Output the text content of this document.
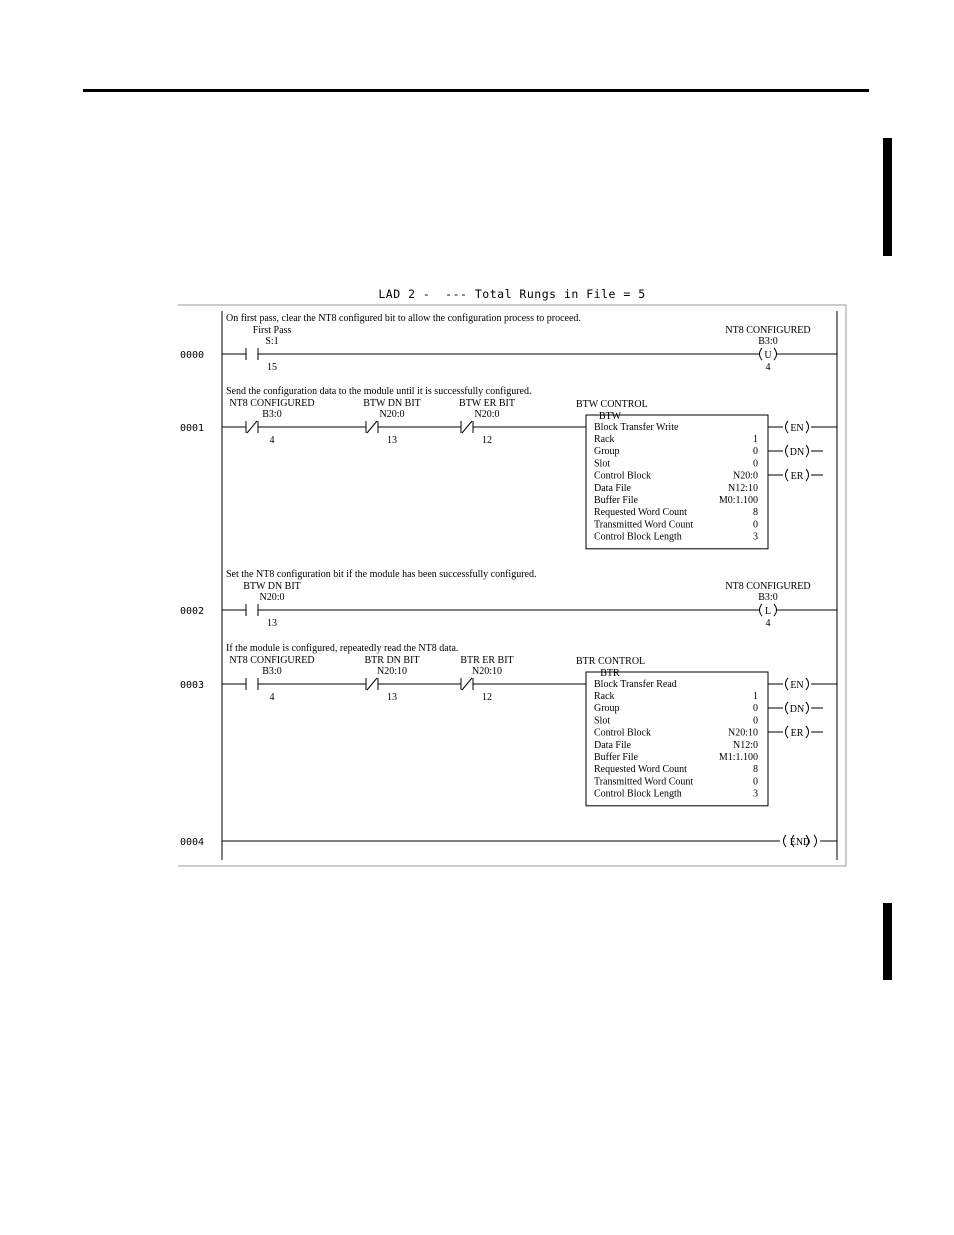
LAD 2 -  --- Total Rungs in File = 5
0000
On first pass, clear the NT8 configured bit to allow the configuration process to proceed.
First Pass
S:1
15
U
NT8 CONFIGURED
B3:0
4
0001
Send the configuration data to the module until it is successfully configured.
NT8 CONFIGURED
B3:0
4
BTW DN BIT
N20:0
13
BTW ER BIT
N20:0
12
BTW CONTROL
BTW
Block Transfer Write
Rack	1
Group	0
Slot	0
Control Block	N20:0
Data File	N12:10
Buffer File	M0:1.100
Requested Word Count	8
Transmitted Word Count	0
Control Block Length	3
EN
DN
ER
0002
Set the NT8 configuration bit if the module has been successfully configured.
BTW DN BIT
N20:0
13
L
NT8 CONFIGURED
B3:0
4
0003
If the module is configured, repeatedly read the NT8 data.
NT8 CONFIGURED
B3:0
4
BTR DN BIT
N20:10
13
BTR ER BIT
N20:10
12
BTR CONTROL
BTR
Block Transfer Read
Rack	1
Group	0
Slot	0
Control Block	N20:10
Data File	N12:0
Buffer File	M1:1.100
Requested Word Count	8
Transmitted Word Count	0
Control Block Length	3
EN
DN
ER
0004	END
